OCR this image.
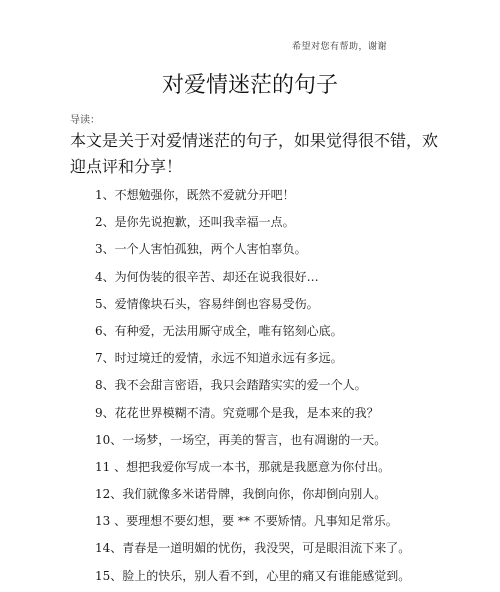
希望对您有帮助，谢谢
对爱情迷茫的句子
导读：
本文是关于对爱情迷茫的句子，如果觉得很不错，欢迎点评和分享！
1、不想勉强你，既然不爱就分开吧！
2、是你先说抱歉，还叫我幸福一点。
3、一个人害怕孤独，两个人害怕辜负。
4、为何伪装的很辛苦、却还在说我很好…
5、爱情像块石头，容易绊倒也容易受伤。
6、有种爱，无法用厮守成全，唯有铭刻心底。
7、时过境迁的爱情，永远不知道永远有多远。
8、我不会甜言密语，我只会踏踏实实的爱一个人。
9、花花世界模糊不清。究竟哪个是我，是本来的我？
10、一场梦，一场空，再美的誓言，也有凋谢的一天。
11 、想把我爱你写成一本书，那就是我愿意为你付出。
12、我们就像多米诺骨牌，我倒向你，你却倒向别人。
13 、要理想不要幻想，要 ** 不要矫情。凡事知足常乐。
14、青春是一道明媚的忧伤，我没哭，可是眼泪流下来了。
15、脸上的快乐，别人看不到，心里的痛又有谁能感觉到。
